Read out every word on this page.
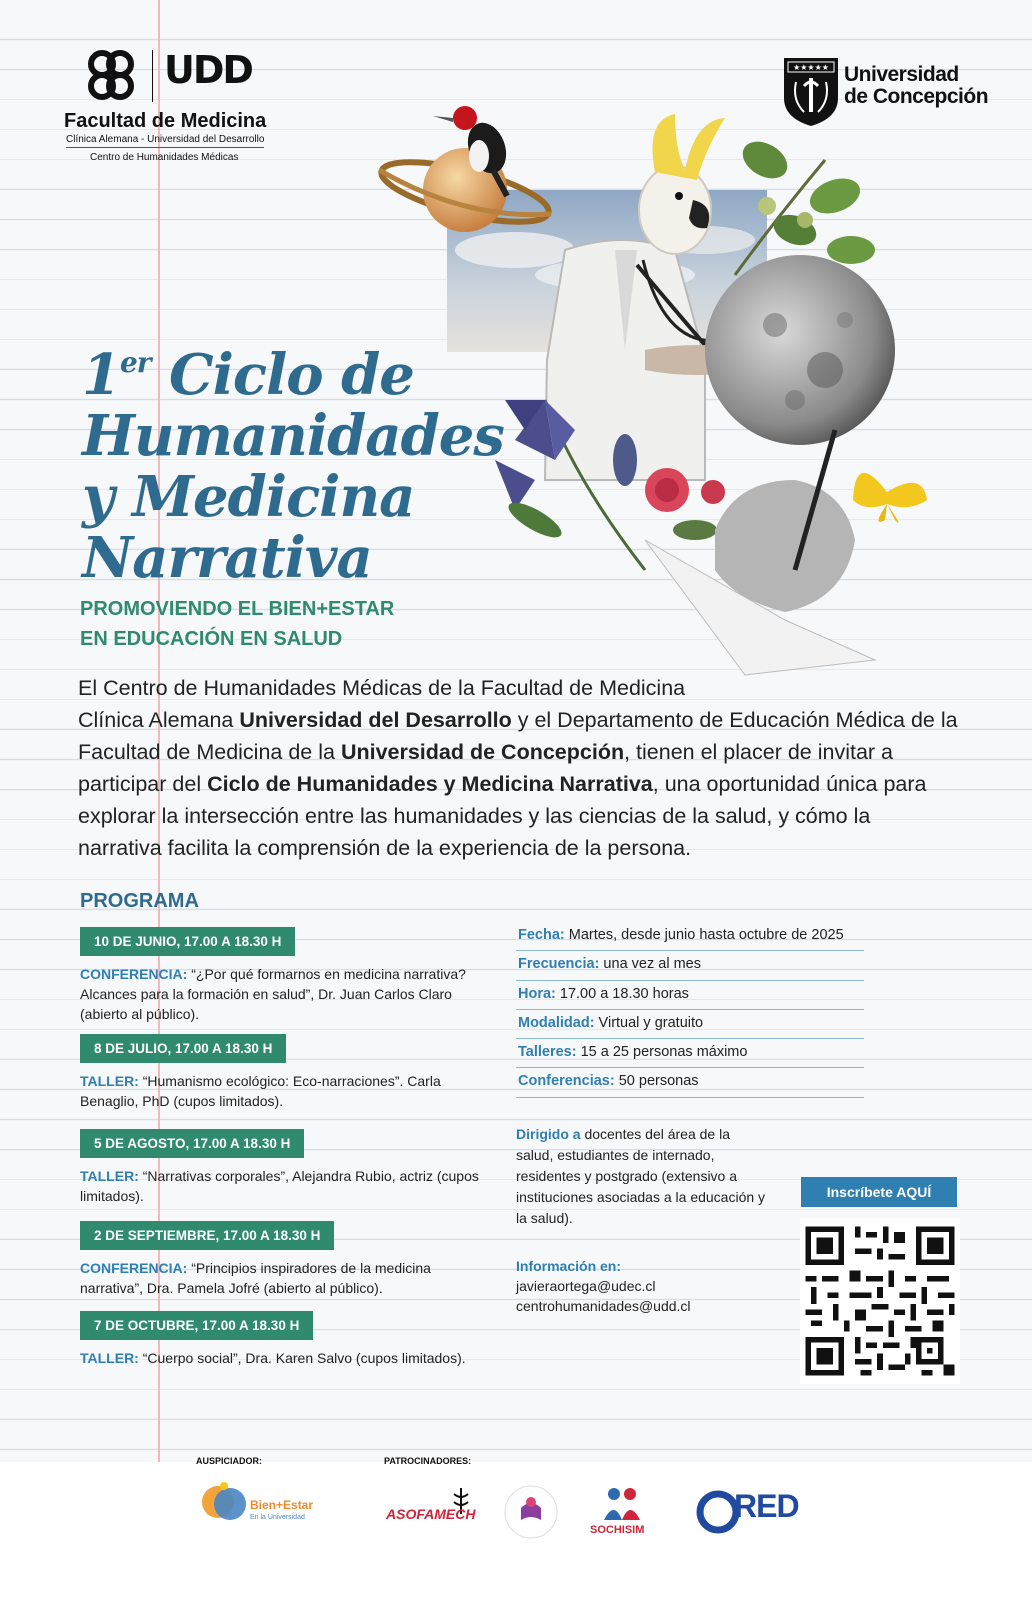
UDD
Facultad de Medicina
Clínica Alemana - Universidad del Desarrollo
Centro de Humanidades Médicas
★★★★★ Universidad
de Concepción
1er Ciclo de
Humanidades
y Medicina
Narrativa
PROMOVIENDO EL BIEN+ESTAR
EN EDUCACIÓN EN SALUD
El Centro de Humanidades Médicas de la Facultad de Medicina
Clínica Alemana Universidad del Desarrollo y el Departamento de Educación Médica de la Facultad de Medicina de la Universidad de Concepción, tienen el placer de invitar a participar del Ciclo de Humanidades y Medicina Narrativa, una oportunidad única para explorar la intersección entre las humanidades y las ciencias de la salud, y cómo la narrativa facilita la comprensión de la experiencia de la persona.
PROGRAMA
10 DE JUNIO, 17.00 A 18.30 H
CONFERENCIA: “¿Por qué formarnos en medicina narrativa? Alcances para la formación en salud”, Dr. Juan Carlos Claro (abierto al público).
8 DE JULIO, 17.00 A 18.30 H
TALLER: “Humanismo ecológico: Eco-narraciones”. Carla Benaglio, PhD (cupos limitados).
5 DE AGOSTO, 17.00 A 18.30 H
TALLER: “Narrativas corporales”, Alejandra Rubio, actriz (cupos limitados).
2 DE SEPTIEMBRE, 17.00 A 18.30 H
CONFERENCIA: “Principios inspiradores de la medicina narrativa”, Dra. Pamela Jofré (abierto al público).
7 DE OCTUBRE, 17.00 A 18.30 H
TALLER: “Cuerpo social”, Dra. Karen Salvo (cupos limitados).
Fecha: Martes, desde junio hasta octubre de 2025
Frecuencia: una vez al mes
Hora: 17.00 a 18.30 horas
Modalidad: Virtual y gratuito
Talleres: 15 a 25 personas máximo
Conferencias: 50 personas
Dirigido a docentes del área de la salud, estudiantes de internado, residentes y postgrado (extensivo a instituciones asociadas a la educación y la salud).
Información en:
javieraortega@udec.cl
centrohumanidades@udd.cl
Inscríbete AQUÍ
AUSPICIADOR:	PATROCINADORES:
Bien+Estar
En la Universidad	ASOFAMECH
SOCHISIM
RED
